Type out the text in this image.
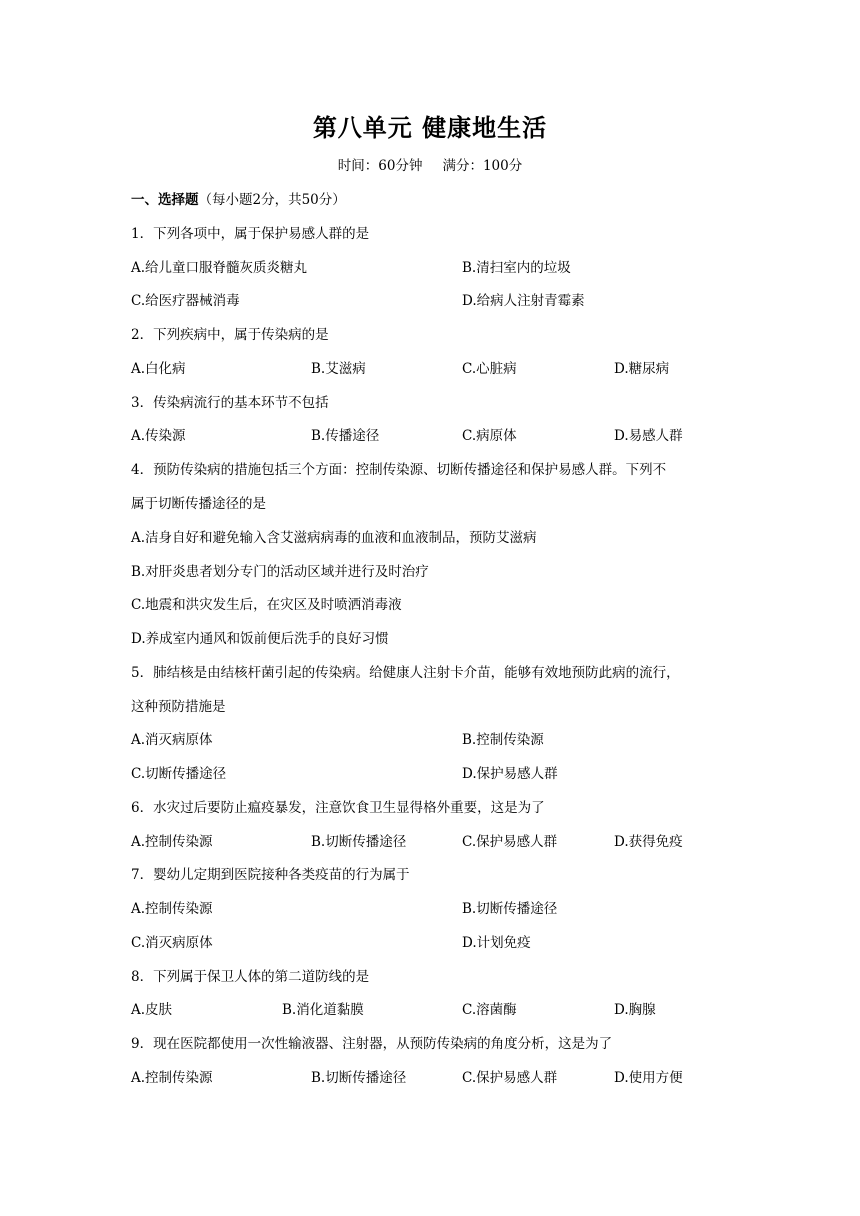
第八单元 健康地生活
时间：60分钟 满分：100分
一、选择题（每小题2分，共50分）
1．下列各项中，属于保护易感人群的是
A.给儿童口服脊髓灰质炎糖丸	B.清扫室内的垃圾
C.给医疗器械消毒	D.给病人注射青霉素
2．下列疾病中，属于传染病的是
A.白化病	B.艾滋病	C.心脏病	D.糖尿病
3．传染病流行的基本环节不包括
A.传染源	B.传播途径	C.病原体	D.易感人群
4．预防传染病的措施包括三个方面：控制传染源、切断传播途径和保护易感人群。下列不
属于切断传播途径的是
A.洁身自好和避免输入含艾滋病病毒的血液和血液制品，预防艾滋病
B.对肝炎患者划分专门的活动区域并进行及时治疗
C.地震和洪灾发生后，在灾区及时喷洒消毒液
D.养成室内通风和饭前便后洗手的良好习惯
5．肺结核是由结核杆菌引起的传染病。给健康人注射卡介苗，能够有效地预防此病的流行，
这种预防措施是
A.消灭病原体	B.控制传染源
C.切断传播途径	D.保护易感人群
6．水灾过后要防止瘟疫暴发，注意饮食卫生显得格外重要，这是为了
A.控制传染源	B.切断传播途径	C.保护易感人群	D.获得免疫
7．婴幼儿定期到医院接种各类疫苗的行为属于
A.控制传染源	B.切断传播途径
C.消灭病原体	D.计划免疫
8．下列属于保卫人体的第二道防线的是
A.皮肤	B.消化道黏膜	C.溶菌酶	D.胸腺
9．现在医院都使用一次性输液器、注射器，从预防传染病的角度分析，这是为了
A.控制传染源	B.切断传播途径	C.保护易感人群	D.使用方便
